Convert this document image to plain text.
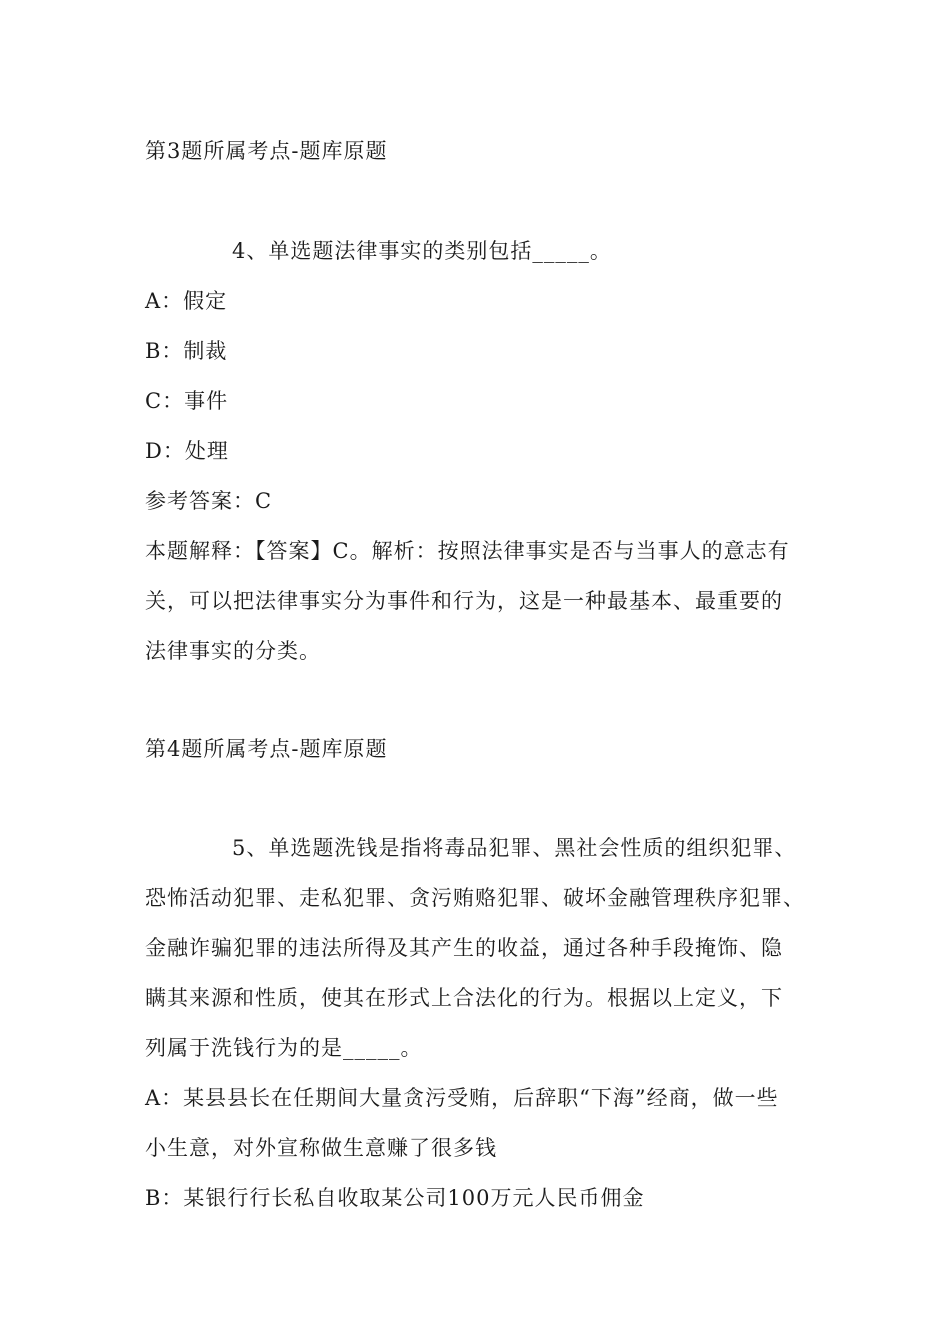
第3题所属考点-题库原题
4、单选题法律事实的类别包括_____。
A：假定
B：制裁
C：事件
D：处理
参考答案：C
本题解释：【答案】C。解析：按照法律事实是否与当事人的意志有
关，可以把法律事实分为事件和行为，这是一种最基本、最重要的
法律事实的分类。
第4题所属考点-题库原题
5、单选题洗钱是指将毒品犯罪、黑社会性质的组织犯罪、
恐怖活动犯罪、走私犯罪、贪污贿赂犯罪、破坏金融管理秩序犯罪、
金融诈骗犯罪的违法所得及其产生的收益，通过各种手段掩饰、隐
瞒其来源和性质，使其在形式上合法化的行为。根据以上定义，下
列属于洗钱行为的是_____。
A：某县县长在任期间大量贪污受贿，后辞职“下海”经商，做一些
小生意，对外宣称做生意赚了很多钱
B：某银行行长私自收取某公司100万元人民币佣金
